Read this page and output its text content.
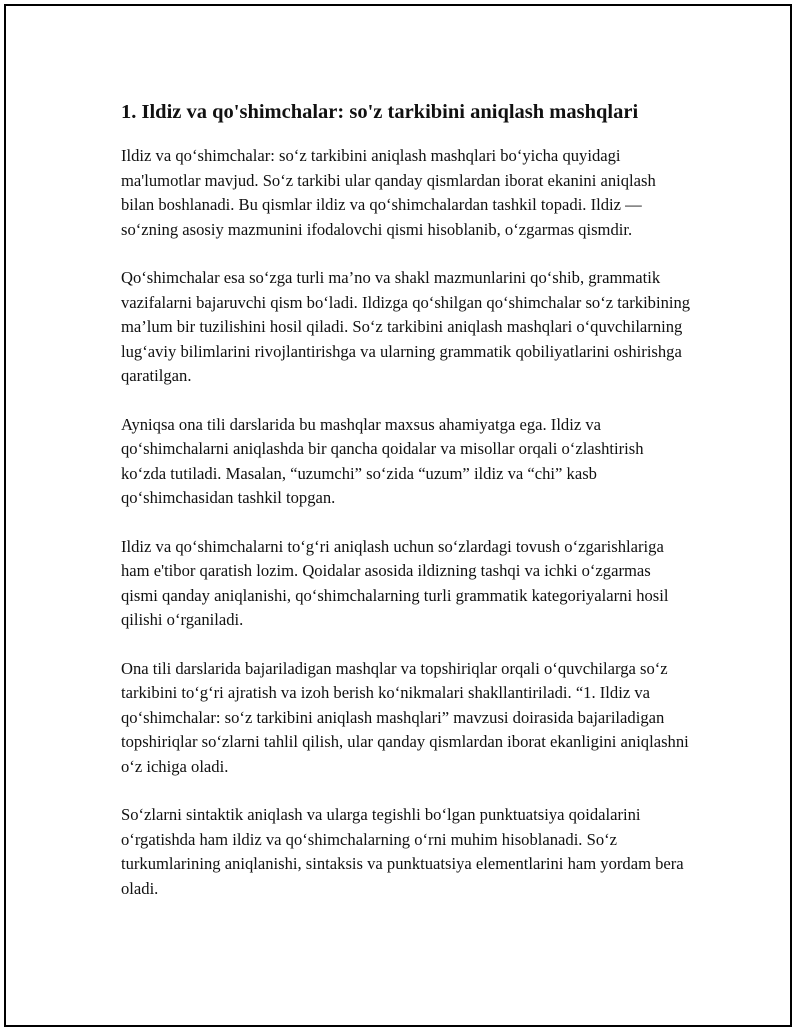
1. Ildiz va qo'shimchalar: so'z tarkibini aniqlash mashqlari

Ildiz va qo‘shimchalar: so‘z tarkibini aniqlash mashqlari bo‘yicha quyidagi ma'lumotlar mavjud. So‘z tarkibi ular qanday qismlardan iborat ekanini aniqlash bilan boshlanadi. Bu qismlar ildiz va qo‘shimchalardan tashkil topadi. Ildiz — so‘zning asosiy mazmunini ifodalovchi qismi hisoblanib, o‘zgarmas qismdir.

Qo‘shimchalar esa so‘zga turli ma’no va shakl mazmunlarini qo‘shib, grammatik vazifalarni bajaruvchi qism bo‘ladi. Ildizga qo‘shilgan qo‘shimchalar so‘z tarkibining ma’lum bir tuzilishini hosil qiladi. So‘z tarkibini aniqlash mashqlari o‘quvchilarning lug‘aviy bilimlarini rivojlantirishga va ularning grammatik qobiliyatlarini oshirishga qaratilgan.

Ayniqsa ona tili darslarida bu mashqlar maxsus ahamiyatga ega. Ildiz va qo‘shimchalarni aniqlashda bir qancha qoidalar va misollar orqali o‘zlashtirish ko‘zda tutiladi. Masalan, “uzumchi” so‘zida “uzum” ildiz va “chi” kasb qo‘shimchasidan tashkil topgan.

Ildiz va qo‘shimchalarni to‘g‘ri aniqlash uchun so‘zlardagi tovush o‘zgarishlariga ham e'tibor qaratish lozim. Qoidalar asosida ildizning tashqi va ichki o‘zgarmas qismi qanday aniqlanishi, qo‘shimchalarning turli grammatik kategoriyalarni hosil qilishi o‘rganiladi.

Ona tili darslarida bajariladigan mashqlar va topshiriqlar orqali o‘quvchilarga so‘z tarkibini to‘g‘ri ajratish va izoh berish ko‘nikmalari shakllantiriladi. “1. Ildiz va qo‘shimchalar: so‘z tarkibini aniqlash mashqlari” mavzusi doirasida bajariladigan topshiriqlar so‘zlarni tahlil qilish, ular qanday qismlardan iborat ekanligini aniqlashni o‘z ichiga oladi.

So‘zlarni sintaktik aniqlash va ularga tegishli bo‘lgan punktuatsiya qoidalarini o‘rgatishda ham ildiz va qo‘shimchalarning o‘rni muhim hisoblanadi. So‘z turkumlarining aniqlanishi, sintaksis va punktuatsiya elementlarini ham yordam bera oladi.
